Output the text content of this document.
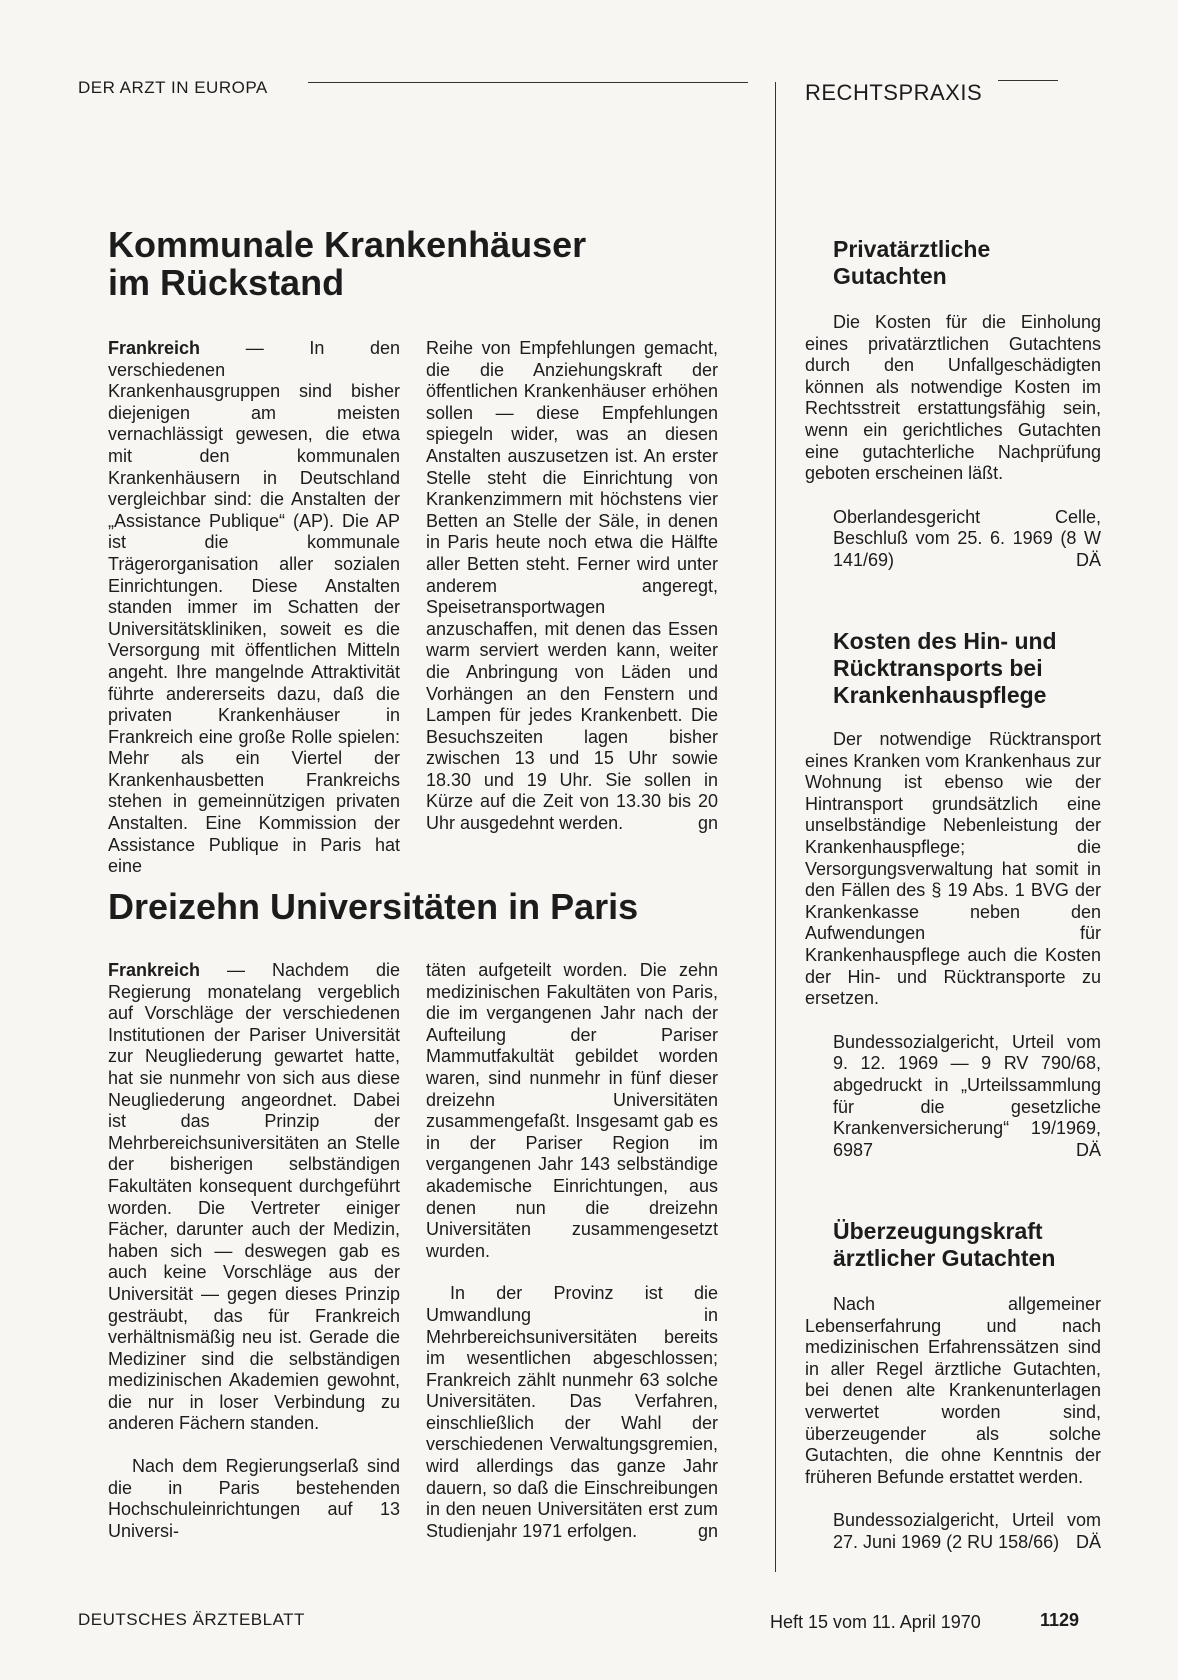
DER ARZT IN EUROPA	RECHTSPRAXIS
Kommunale Krankenhäuser
im Rückstand

Frankreich	— In den verschiedenen Krankenhausgruppen sind bisher diejenigen am meisten vernachlässigt gewesen, die etwa mit den kommunalen Krankenhäusern in Deutschland vergleichbar sind: die Anstalten der „Assistance Publique“ (AP). Die AP ist die kommunale Trägerorganisation aller sozialen Einrichtungen. Diese Anstalten standen immer im Schatten der Universitätskliniken, soweit es die Versorgung mit öffentlichen Mitteln angeht. Ihre mangelnde Attraktivität führte andererseits dazu, daß die privaten Krankenhäuser in Frankreich eine große Rolle spielen: Mehr als ein Viertel der Krankenhausbetten Frankreichs stehen in gemeinnützigen privaten Anstalten. Eine Kommission der Assistance Publique in Paris hat eine

Reihe von Empfehlungen gemacht, die die Anziehungskraft der öffentlichen Krankenhäuser erhöhen sollen — diese Empfehlungen spiegeln wider, was an diesen Anstalten auszusetzen ist. An erster Stelle steht die Einrichtung von Krankenzimmern mit höchstens vier Betten an Stelle der Säle, in denen in Paris heute noch etwa die Hälfte aller Betten steht. Ferner wird unter anderem angeregt, Speisetransportwagen anzuschaffen, mit denen das Essen warm serviert werden kann, weiter die Anbringung von Läden und Vorhängen an den Fenstern und Lampen für jedes Krankenbett. Die Besuchszeiten lagen bisher zwischen 13 und 15 Uhr sowie 18.30 und 19 Uhr. Sie sollen in Kürze auf die Zeit von 13.30 bis 20 Uhr ausgedehnt werden.	gn

Dreizehn Universitäten in Paris

Frankreich — Nachdem die Regierung monatelang vergeblich auf Vorschläge der verschiedenen Institutionen der Pariser Universität zur Neugliederung gewartet hatte, hat sie nunmehr von sich aus diese Neugliederung angeordnet. Dabei ist das Prinzip der Mehrbereichsuniversitäten an Stelle der bisherigen selbständigen Fakultäten konsequent durchgeführt worden. Die Vertreter einiger Fächer, darunter auch der Medizin, haben sich — deswegen gab es auch keine Vorschläge aus der Universität — gegen dieses Prinzip gesträubt, das für Frankreich verhältnismäßig neu ist. Gerade die Mediziner sind die selbständigen medizinischen Akademien gewohnt, die nur in loser Verbindung zu anderen Fächern standen.

Nach dem Regierungserlaß sind die in Paris bestehenden Hochschuleinrichtungen auf 13 Universi-

täten aufgeteilt worden. Die zehn medizinischen Fakultäten von Paris, die im vergangenen Jahr nach der Aufteilung der Pariser Mammutfakultät gebildet worden waren, sind nunmehr in fünf dieser dreizehn Universitäten zusammengefaßt. Insgesamt gab es in der Pariser Region im vergangenen Jahr 143 selbständige akademische Einrichtungen, aus denen nun die dreizehn Universitäten zusammengesetzt wurden.

In der Provinz ist die Umwandlung in Mehrbereichsuniversitäten bereits im wesentlichen abgeschlossen; Frankreich zählt nunmehr 63 solche Universitäten. Das Verfahren, einschließlich der Wahl der verschiedenen Verwaltungsgremien, wird allerdings das ganze Jahr dauern, so daß die Einschreibungen in den neuen Universitäten erst zum Studienjahr 1971 erfolgen.	gn

Privatärztliche
Gutachten

Die Kosten für die Einholung eines privatärztlichen Gutachtens durch den Unfallgeschädigten können als notwendige Kosten im Rechtsstreit erstattungsfähig sein, wenn ein gerichtliches Gutachten eine gutachterliche Nachprüfung geboten erscheinen läßt.

Oberlandesgericht Celle, Beschluß vom 25. 6. 1969 (8 W 141/69)	DÄ

Kosten des Hin- und
Rücktransports bei
Krankenhauspflege

Der notwendige Rücktransport eines Kranken vom Krankenhaus zur Wohnung ist ebenso wie der Hintransport grundsätzlich eine unselbständige Nebenleistung der Krankenhauspflege; die Versorgungsverwaltung hat somit in den Fällen des § 19 Abs. 1 BVG der Krankenkasse neben den Aufwendungen für Krankenhauspflege auch die Kosten der Hin- und Rücktransporte zu ersetzen.

Bundessozialgericht, Urteil vom 9. 12. 1969 — 9 RV 790/68, abgedruckt in „Urteilssammlung für die gesetzliche Krankenversicherung“ 19/1969, 6987	DÄ

Überzeugungskraft
ärztlicher Gutachten

Nach allgemeiner Lebenserfahrung und nach medizinischen Erfahrenssätzen sind in aller Regel ärztliche Gutachten, bei denen alte Krankenunterlagen verwertet worden sind, überzeugender als solche Gutachten, die ohne Kenntnis der früheren Befunde erstattet werden.

Bundessozialgericht, Urteil vom 27. Juni 1969 (2 RU 158/66) DÄ

DEUTSCHES ÄRZTEBLATT	Heft 15 vom 11. April 1970	1129
